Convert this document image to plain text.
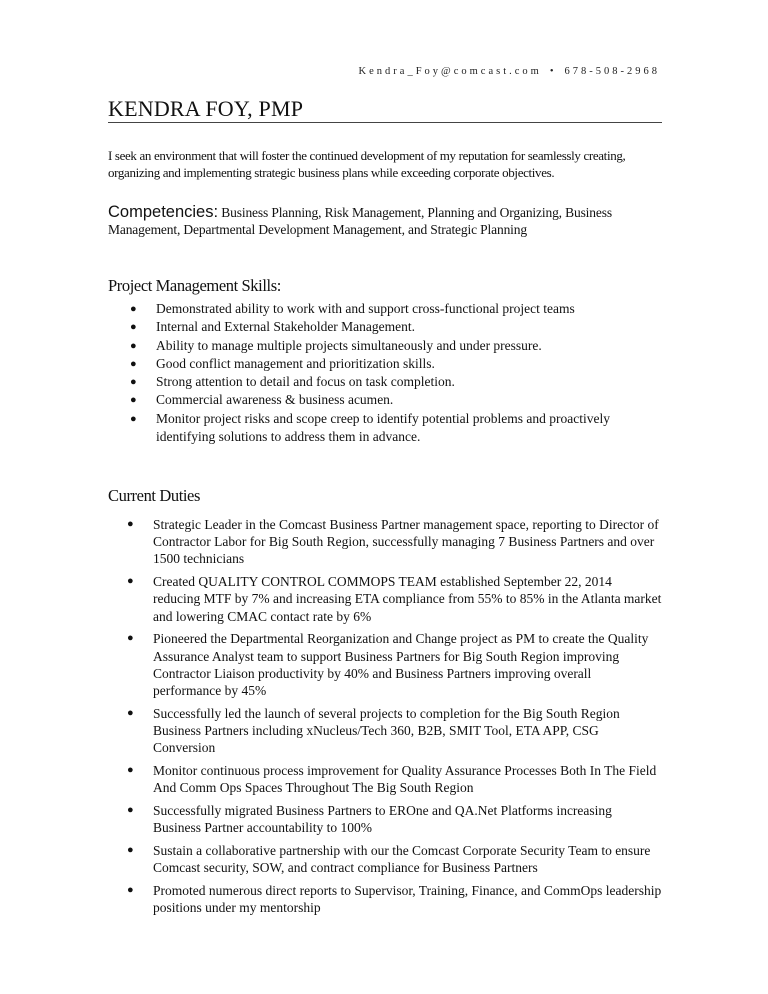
Kendra_Foy@comcast.com • 678-508-2968
KENDRA FOY, PMP
I seek an environment that will foster the continued development of my reputation for seamlessly creating, organizing and implementing strategic business plans while exceeding corporate objectives.
Competencies: Business Planning, Risk Management, Planning and Organizing, Business Management, Departmental Development Management, and Strategic Planning
Project Management Skills:
● Demonstrated ability to work with and support cross-functional project teams
● Internal and External Stakeholder Management.
● Ability to manage multiple projects simultaneously and under pressure.
● Good conflict management and prioritization skills.
● Strong attention to detail and focus on task completion.
● Commercial awareness & business acumen.
● Monitor project risks and scope creep to identify potential problems and proactively identifying solutions to address them in advance.
Current Duties
● Strategic Leader in the Comcast Business Partner management space, reporting to Director of Contractor Labor for Big South Region, successfully managing 7 Business Partners and over 1500 technicians
● Created QUALITY CONTROL COMMOPS TEAM established September 22, 2014 reducing MTF by 7% and increasing ETA compliance from 55% to 85% in the Atlanta market and lowering CMAC contact rate by 6%
● Pioneered the Departmental Reorganization and Change project as PM to create the Quality Assurance Analyst team to support Business Partners for Big South Region improving Contractor Liaison productivity by 40% and Business Partners improving overall performance by 45%
● Successfully led the launch of several projects to completion for the Big South Region Business Partners including xNucleus/Tech 360, B2B, SMIT Tool, ETA APP, CSG Conversion
● Monitor continuous process improvement for Quality Assurance Processes Both In The Field And Comm Ops Spaces Throughout The Big South Region
● Successfully migrated Business Partners to EROne and QA.Net Platforms increasing Business Partner accountability to 100%
● Sustain a collaborative partnership with our the Comcast Corporate Security Team to ensure Comcast security, SOW, and contract compliance for Business Partners
● Promoted numerous direct reports to Supervisor, Training, Finance, and CommOps leadership positions under my mentorship
